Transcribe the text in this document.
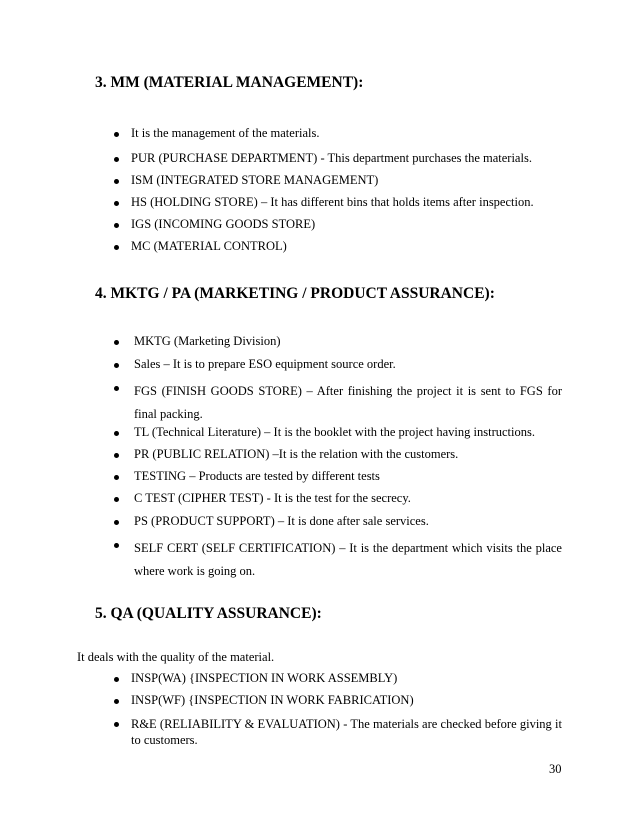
3. MM (MATERIAL MANAGEMENT):
It is the management of the materials.
PUR (PURCHASE DEPARTMENT) - This department purchases the materials.
ISM (INTEGRATED STORE MANAGEMENT)
HS (HOLDING STORE) – It has different bins that holds items after inspection.
IGS (INCOMING GOODS STORE)
MC (MATERIAL CONTROL)
4. MKTG / PA (MARKETING / PRODUCT ASSURANCE):
MKTG (Marketing Division)
Sales – It is to prepare ESO equipment source order.
FGS (FINISH GOODS STORE) – After finishing the project it is sent to FGS for final packing.
TL (Technical Literature) – It is the booklet with the project having instructions.
PR (PUBLIC RELATION) –It is the relation with the customers.
TESTING – Products are tested by different tests
C TEST (CIPHER TEST) - It is the test for the secrecy.
PS (PRODUCT SUPPORT) – It is done after sale services.
SELF CERT (SELF CERTIFICATION) – It is the department which visits the place where work is going on.
5. QA (QUALITY ASSURANCE):
It deals with the quality of the material.
INSP(WA) {INSPECTION IN WORK ASSEMBLY)
INSP(WF) {INSPECTION IN WORK FABRICATION)
R&E (RELIABILITY & EVALUATION) - The materials are checked before giving it to customers.
30
